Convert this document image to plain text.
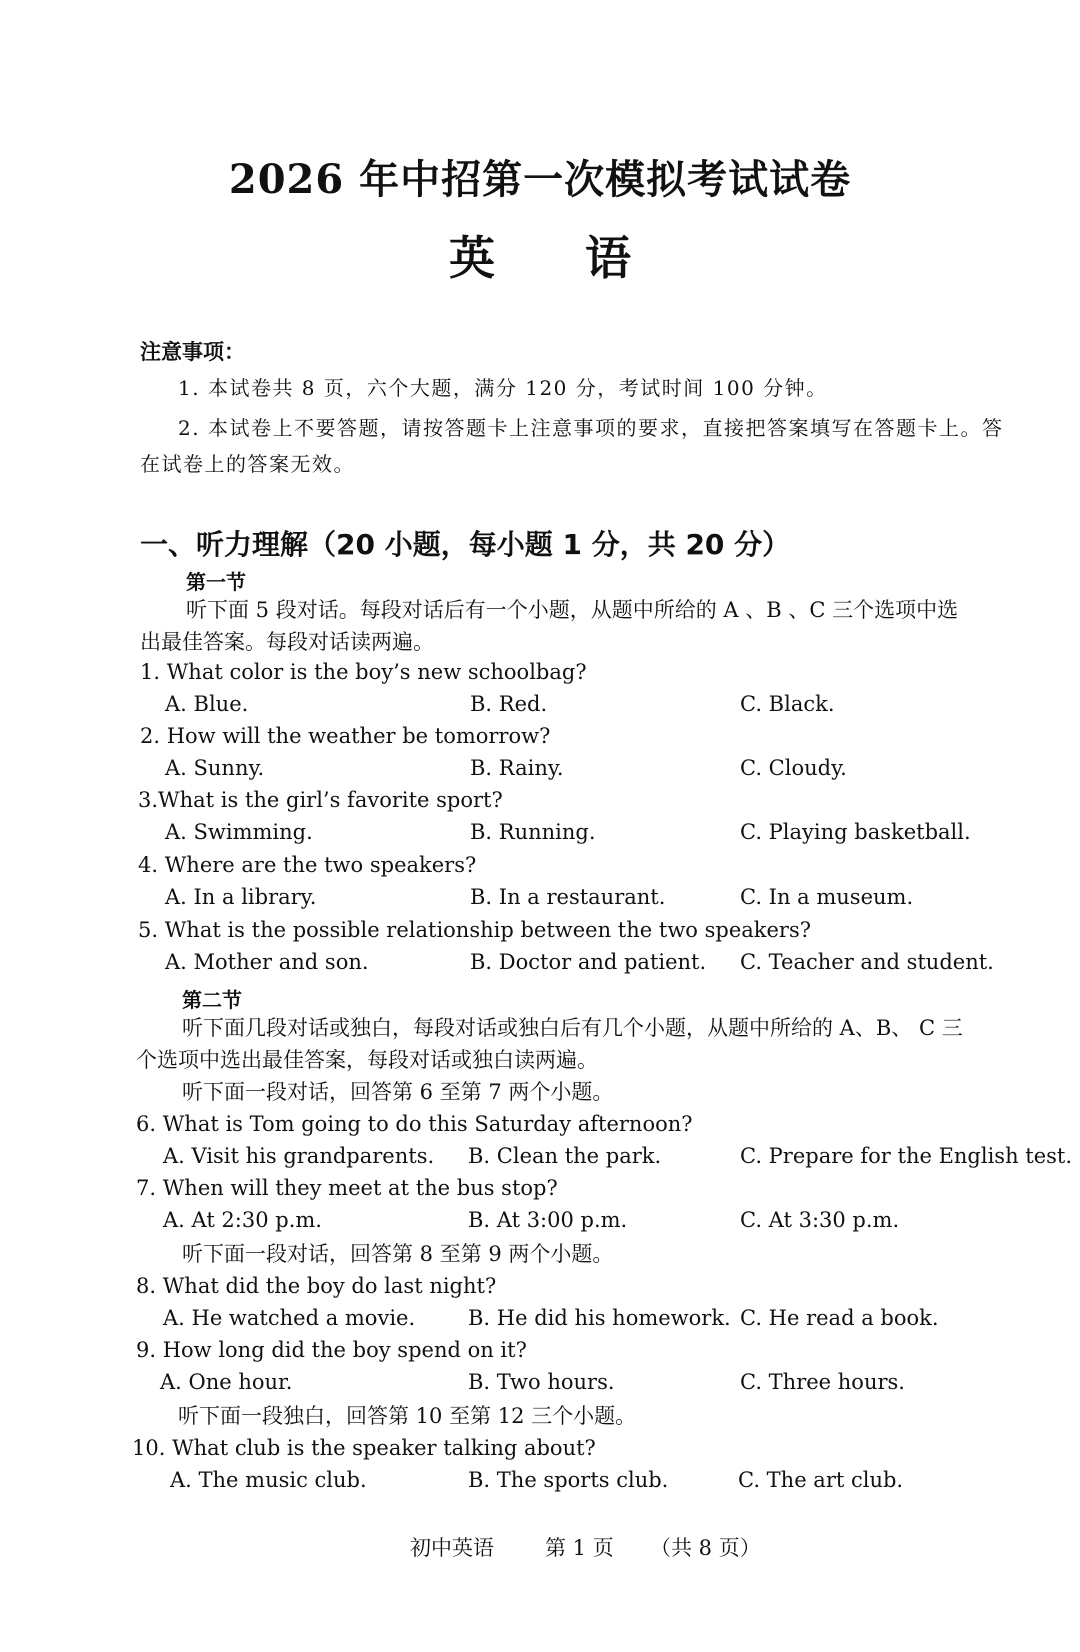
2026 年中招第一次模拟考试试卷
英语
注意事项：
1. 本试卷共 8 页，六个大题，满分 120 分，考试时间 100 分钟。
2. 本试卷上不要答题，请按答题卡上注意事项的要求，直接把答案填写在答题卡上。答
在试卷上的答案无效。
一、听力理解（20 小题，每小题 1 分，共 20 分）
第一节
听下面 5 段对话。每段对话后有一个小题，从题中所给的 A 、B 、C 三个选项中选
出最佳答案。每段对话读两遍。
1. What color is the boy’s new schoolbag?
A. Blue.	B. Red.	C. Black.
2. How will the weather be tomorrow?
A. Sunny.	B. Rainy.	C. Cloudy.
3.What is the girl’s favorite sport?
A. Swimming.	B. Running.	C. Playing basketball.
4. Where are the two speakers?
A. In a library.	B. In a restaurant.	C. In a museum.
5. What is the possible relationship between the two speakers?
A. Mother and son.	B. Doctor and patient. C. Teacher and student.
第二节
听下面几段对话或独白，每段对话或独白后有几个小题，从题中所给的 A、B、 C 三
个选项中选出最佳答案，每段对话或独白读两遍。
听下面一段对话，回答第 6 至第 7 两个小题。
6. What is Tom going to do this Saturday afternoon?
A. Visit his grandparents. B. Clean the park.	C. Prepare for the English test.
7. When will they meet at the bus stop?
A. At 2:30 p.m.	B. At 3:00 p.m.	C. At 3:30 p.m.
听下面一段对话，回答第 8 至第 9 两个小题。
8. What did the boy do last night?
A. He watched a movie.	B. He did his homework. C. He read a book.
9. How long did the boy spend on it?
A. One hour.	B. Two hours.	C. Three hours.
听下面一段独白，回答第 10 至第 12 三个小题。
10. What club is the speaker talking about?
A. The music club.	B. The sports club.	C. The art club.
初中英语 第 1 页 （共 8 页）
